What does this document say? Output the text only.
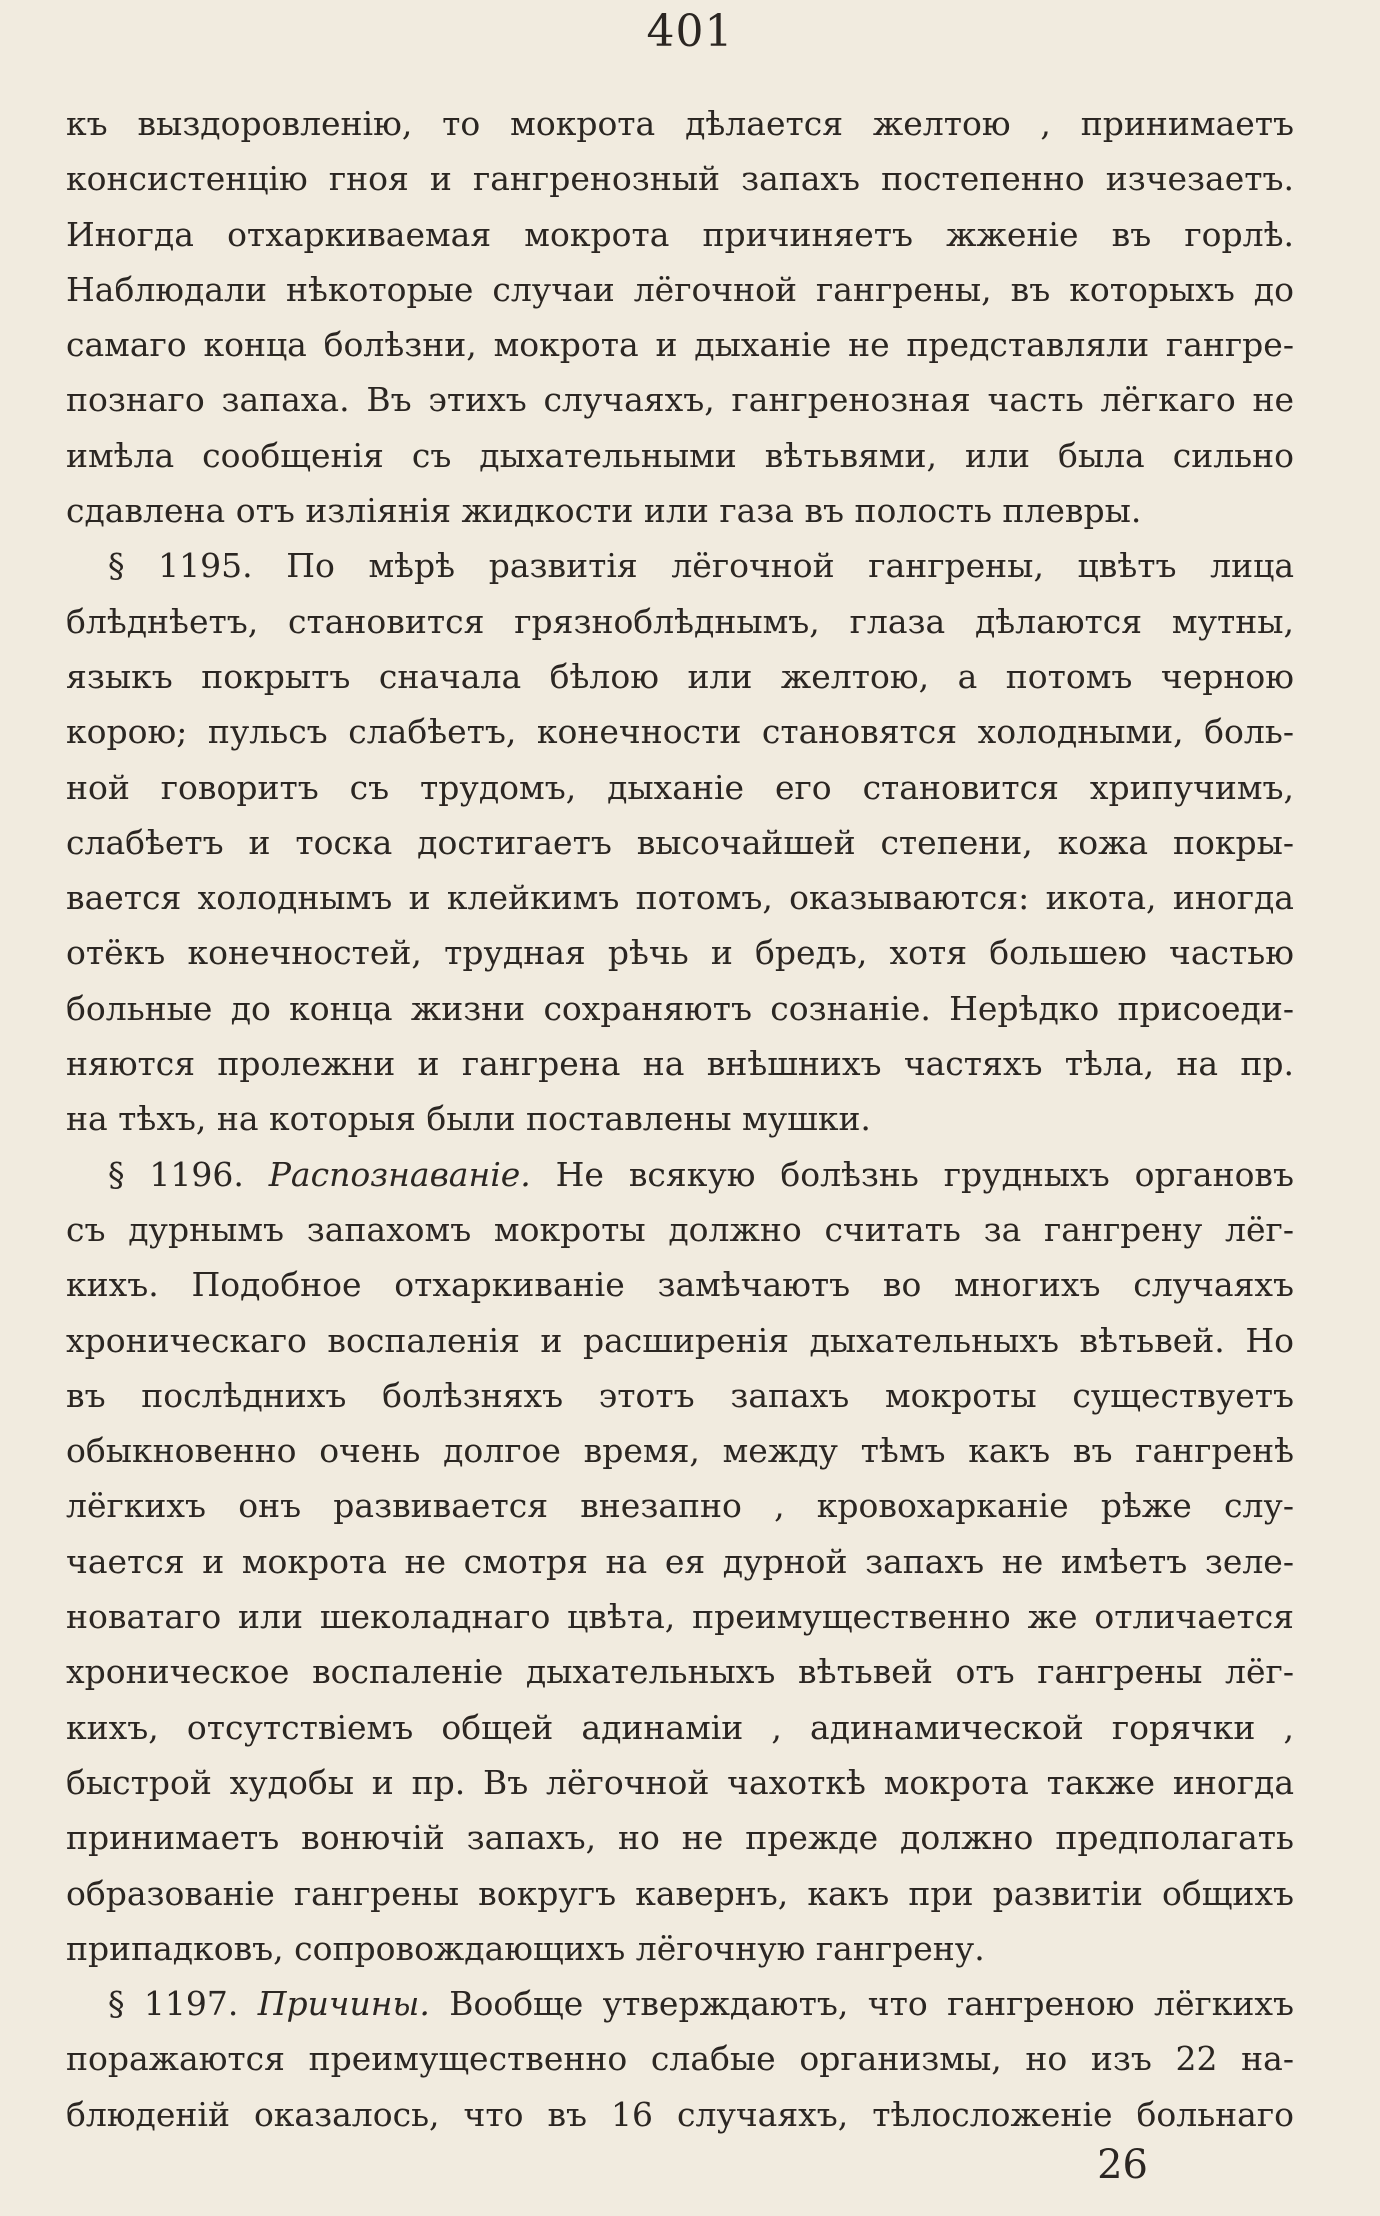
401
къ выздоровленію, то мокрота дѣлается желтою , принимаетъ
консистенцію гноя и гангренозный запахъ постепенно изчезаетъ.
Иногда отхаркиваемая мокрота причиняетъ жженіе въ горлѣ.
Наблюдали нѣкоторые случаи лёгочной гангрены, въ которыхъ до
самаго конца болѣзни, мокрота и дыханіе не представляли гангре-
познаго запаха. Въ этихъ случаяхъ, гангренозная часть лёгкаго не
имѣла сообщенія съ дыхательными вѣтьвями, или была сильно
сдавлена отъ изліянія жидкости или газа въ полость плевры.
§ 1195. По мѣрѣ развитія лёгочной гангрены, цвѣтъ лица
блѣднѣетъ, становится грязноблѣднымъ, глаза дѣлаются мутны,
языкъ покрытъ сначала бѣлою или желтою, а потомъ черною
корою; пульсъ слабѣетъ, конечности становятся холодными, боль-
ной говоритъ съ трудомъ, дыханіе его становится хрипучимъ,
слабѣетъ и тоска достигаетъ высочайшей степени, кожа покры-
вается холоднымъ и клейкимъ потомъ, оказываются: икота, иногда
отёкъ конечностей, трудная рѣчь и бредъ, хотя большею частью
больные до конца жизни сохраняютъ сознаніе. Нерѣдко присоеди-
няются пролежни и гангрена на внѣшнихъ частяхъ тѣла, на пр.
на тѣхъ, на которыя были поставлены мушки.
§ 1196. Распознаваніе. Не всякую болѣзнь грудныхъ органовъ
съ дурнымъ запахомъ мокроты должно считать за гангрену лёг-
кихъ. Подобное отхаркиваніе замѣчаютъ во многихъ случаяхъ
хроническаго воспаленія и расширенія дыхательныхъ вѣтьвей. Но
въ послѣднихъ болѣзняхъ этотъ запахъ мокроты существуетъ
обыкновенно очень долгое время, между тѣмъ какъ въ гангренѣ
лёгкихъ онъ развивается внезапно , кровохарканіе рѣже слу-
чается и мокрота не смотря на ея дурной запахъ не имѣетъ зеле-
новатаго или шеколаднаго цвѣта, преимущественно же отличается
хроническое воспаленіе дыхательныхъ вѣтьвей отъ гангрены лёг-
кихъ, отсутствіемъ общей адинаміи , адинамической горячки ,
быстрой худобы и пр. Въ лёгочной чахоткѣ мокрота также иногда
принимаетъ вонючій запахъ, но не прежде должно предполагать
образованіе гангрены вокругъ кавернъ, какъ при развитіи общихъ
припадковъ, сопровождающихъ лёгочную гангрену.
§ 1197. Причины. Вообще утверждаютъ, что гангреною лёгкихъ
поражаются преимущественно слабые организмы, но изъ 22 на-
блюденій оказалось, что въ 16 случаяхъ, тѣлосложеніе больнаго
26
